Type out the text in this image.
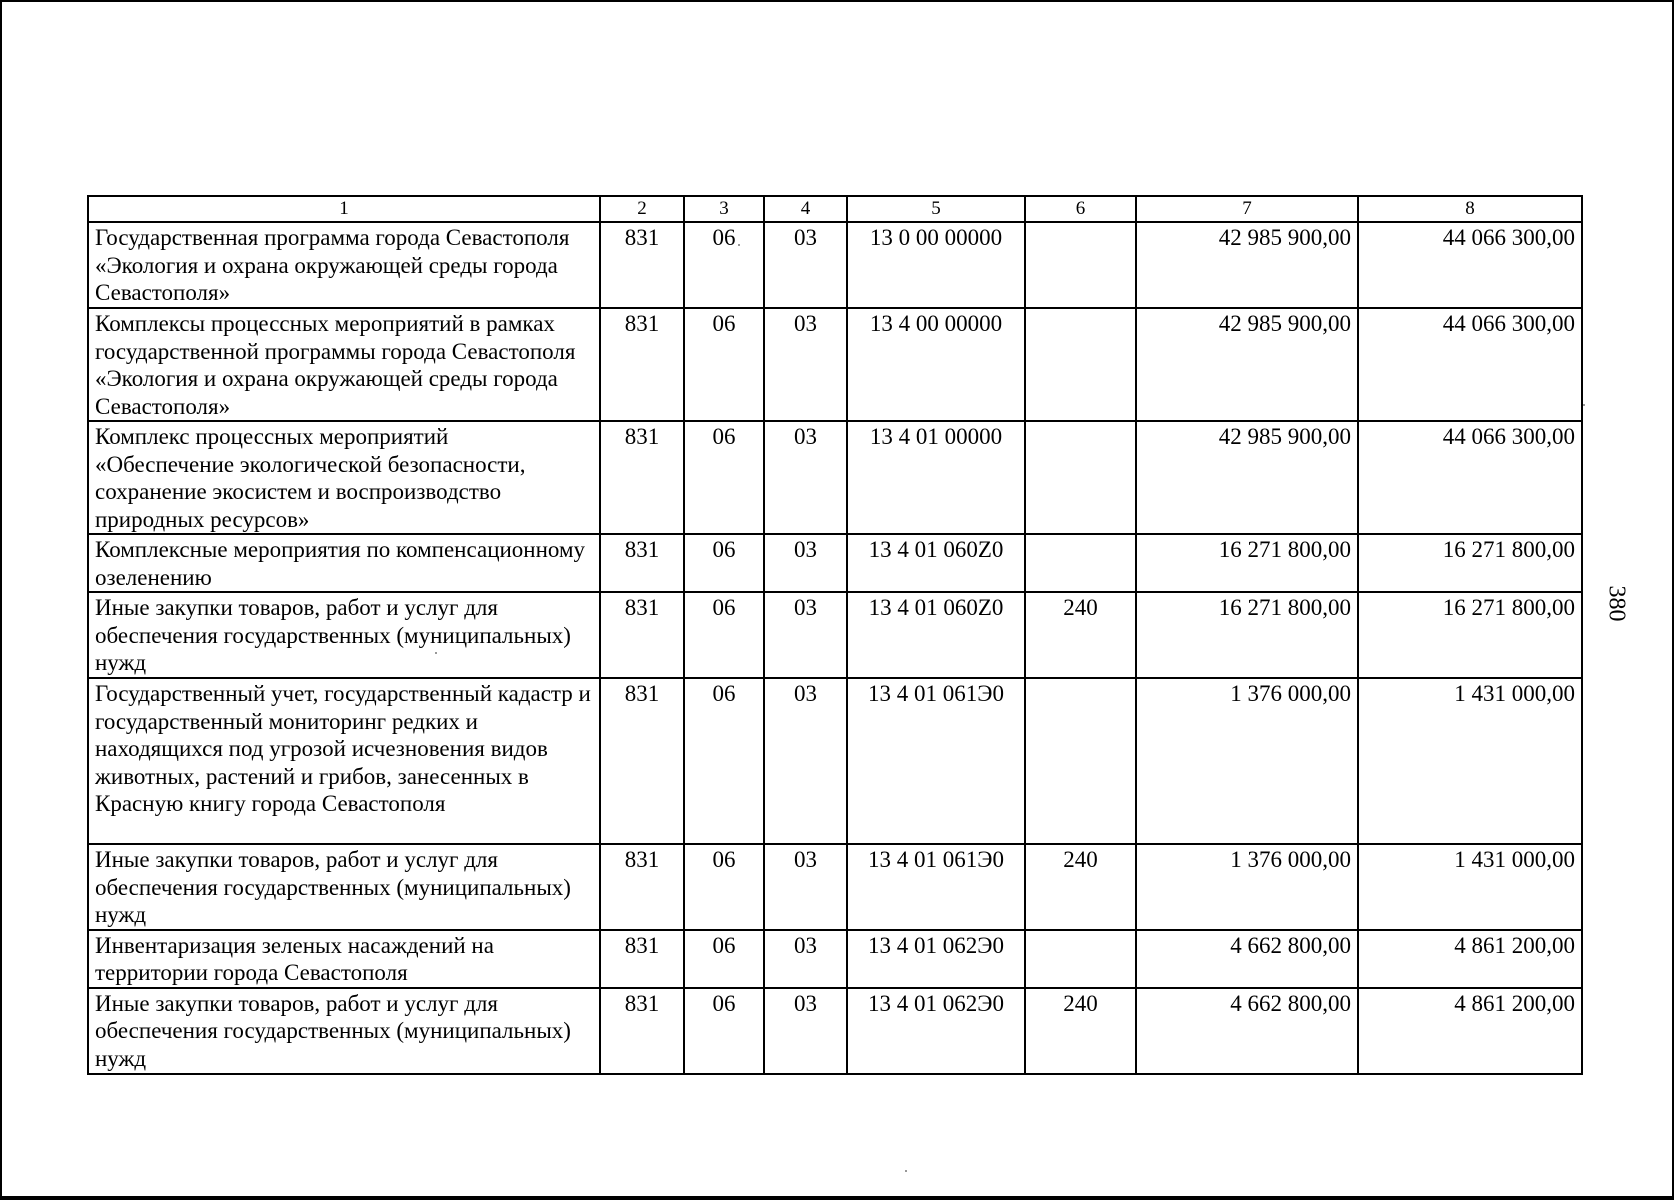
1	2	3	4	5	6	7	8
Государственная программа города Севастополя «Экология и охрана окружающей среды города Севастополя»	831	06	03	13 0 00 00000		42 985 900,00	44 066 300,00
Комплексы процессных мероприятий в рамках государственной программы города Севастополя «Экология и охрана окружающей среды города Севастополя»	831	06	03	13 4 00 00000		42 985 900,00	44 066 300,00
Комплекс процессных мероприятий «Обеспечение экологической безопасности, сохранение экосистем и воспроизводство природных ресурсов»	831	06	03	13 4 01 00000		42 985 900,00	44 066 300,00
Комплексные мероприятия по компенсационному озеленению	831	06	03	13 4 01 060Z0		16 271 800,00	16 271 800,00
Иные закупки товаров, работ и услуг для обеспечения государственных (муниципальных) нужд	831	06	03	13 4 01 060Z0	240	16 271 800,00	16 271 800,00
Государственный учет, государственный кадастр и государственный мониторинг редких и находящихся под угрозой исчезновения видов животных, растений и грибов, занесенных в Красную книгу города Севастополя	831	06	03	13 4 01 061Э0		1 376 000,00	1 431 000,00
Иные закупки товаров, работ и услуг для обеспечения государственных (муниципальных) нужд	831	06	03	13 4 01 061Э0	240	1 376 000,00	1 431 000,00
Инвентаризация зеленых насаждений на территории города Севастополя	831	06	03	13 4 01 062Э0		4 662 800,00	4 861 200,00
Иные закупки товаров, работ и услуг для обеспечения государственных (муниципальных) нужд	831	06	03	13 4 01 062Э0	240	4 662 800,00	4 861 200,00
380
